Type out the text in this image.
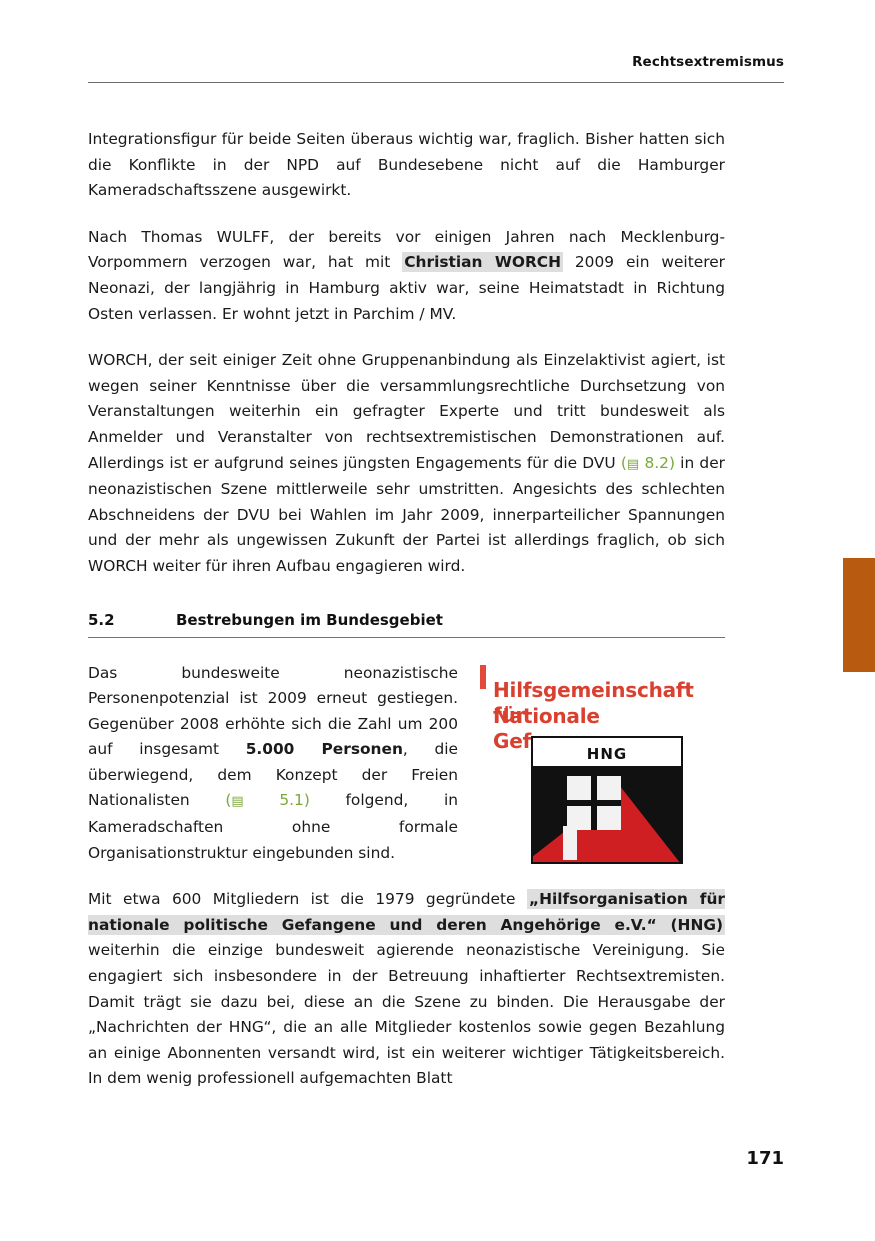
Rechtsextremismus

Integrationsfigur für beide Seiten überaus wichtig war, fraglich. Bisher hatten sich die Konflikte in der NPD auf Bundesebene nicht auf die Hamburger Kameradschaftsszene ausgewirkt.

Nach Thomas WULFF, der bereits vor einigen Jahren nach Mecklenburg-Vorpommern verzogen war, hat mit Christian WORCH 2009 ein weiterer Neonazi, der langjährig in Hamburg aktiv war, seine Heimatstadt in Richtung Osten verlassen. Er wohnt jetzt in Parchim / MV.

WORCH, der seit einiger Zeit ohne Gruppenanbindung als Einzelaktivist agiert, ist wegen seiner Kenntnisse über die versammlungsrechtliche Durchsetzung von Veranstaltungen weiterhin ein gefragter Experte und tritt bundesweit als Anmelder und Veranstalter von rechtsextremistischen Demonstrationen auf. Allerdings ist er aufgrund seines jüngsten Engagements für die DVU (▤ 8.2) in der neonazistischen Szene mittlerweile sehr umstritten. Angesichts des schlechten Abschneidens der DVU bei Wahlen im Jahr 2009, innerparteilicher Spannungen und der mehr als ungewissen Zukunft der Partei ist allerdings fraglich, ob sich WORCH weiter für ihren Aufbau engagieren wird.

5.2	Bestrebungen im Bundesgebiet

Das bundesweite neonazistische Personenpotenzial ist 2009 erneut gestiegen. Gegenüber 2008 erhöhte sich die Zahl um 200 auf insgesamt 5.000 Personen, die überwiegend, dem Konzept der Freien Nationalisten (▤ 5.1) folgend, in Kameradschaften ohne formale Organisationstruktur eingebunden sind.

Mit etwa 600 Mitgliedern ist die 1979 gegründete „Hilfsorganisation für nationale politische Gefangene und deren Angehörige e.V.“ (HNG) weiterhin die einzige bundesweit agierende neonazistische Vereinigung. Sie engagiert sich insbesondere in der Betreuung inhaftierter Rechtsextremisten. Damit trägt sie dazu bei, diese an die Szene zu binden. Die Herausgabe der „Nachrichten der HNG“, die an alle Mitglieder kostenlos sowie gegen Bezahlung an einige Abonnenten versandt wird, ist ein weiterer wichtiger Tätigkeitsbereich. In dem wenig professionell aufgemachten Blatt

171
